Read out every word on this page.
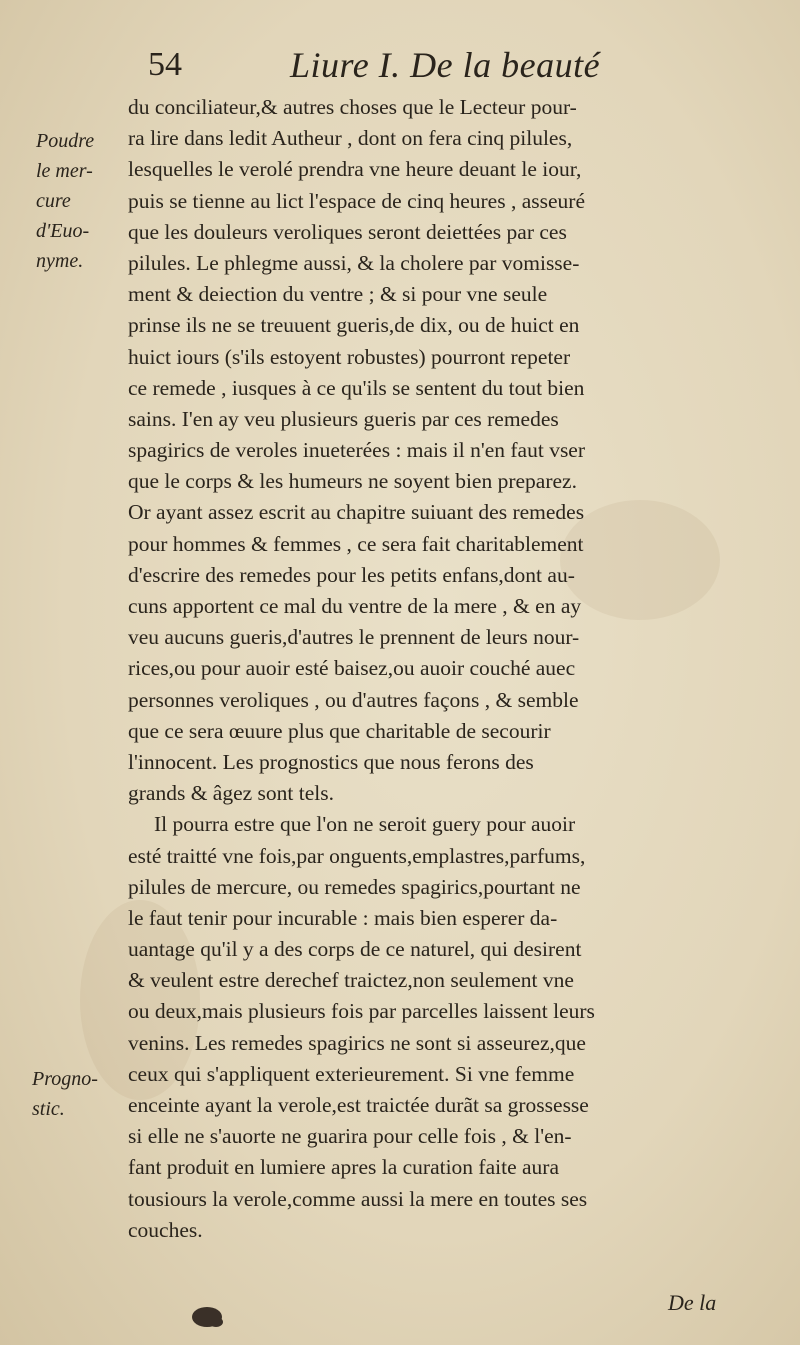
54	Liure I. De la beauté
Poudre
le mer-
cure
d'Euo-
nyme.
Progno-
stic.
du conciliateur,& autres choses que le Lecteur pour-
ra lire dans ledit Autheur , dont on fera cinq pilules,
lesquelles le verolé prendra vne heure deuant le iour,
puis se tienne au lict l'espace de cinq heures , asseuré
que les douleurs veroliques seront deiettées par ces
pilules. Le phlegme aussi, & la cholere par vomisse-
ment & deiection du ventre ; & si pour vne seule
prinse ils ne se treuuent gueris,de dix, ou de huict en
huict iours (s'ils estoyent robustes) pourront repeter
ce remede , iusques à ce qu'ils se sentent du tout bien
sains. I'en ay veu plusieurs gueris par ces remedes
spagirics de veroles inueterées : mais il n'en faut vser
que le corps & les humeurs ne soyent bien preparez.
Or ayant assez escrit au chapitre suiuant des remedes
pour hommes & femmes , ce sera fait charitablement
d'escrire des remedes pour les petits enfans,dont au-
cuns apportent ce mal du ventre de la mere , & en ay
veu aucuns gueris,d'autres le prennent de leurs nour-
rices,ou pour auoir esté baisez,ou auoir couché auec
personnes veroliques , ou d'autres façons , & semble
que ce sera œuure plus que charitable de secourir
l'innocent. Les prognostics que nous ferons des
grands & âgez sont tels.
Il pourra estre que l'on ne seroit guery pour auoir
esté traitté vne fois,par onguents,emplastres,parfums,
pilules de mercure, ou remedes spagirics,pourtant ne
le faut tenir pour incurable : mais bien esperer da-
uantage qu'il y a des corps de ce naturel, qui desirent
& veulent estre derechef traictez,non seulement vne
ou deux,mais plusieurs fois par parcelles laissent leurs
venins. Les remedes spagirics ne sont si asseurez,que
ceux qui s'appliquent exterieurement. Si vne femme
enceinte ayant la verole,est traictée durãt sa grossesse
si elle ne s'auorte ne guarira pour celle fois , & l'en-
fant produit en lumiere apres la curation faite aura
tousiours la verole,comme aussi la mere en toutes ses
couches.
De la
